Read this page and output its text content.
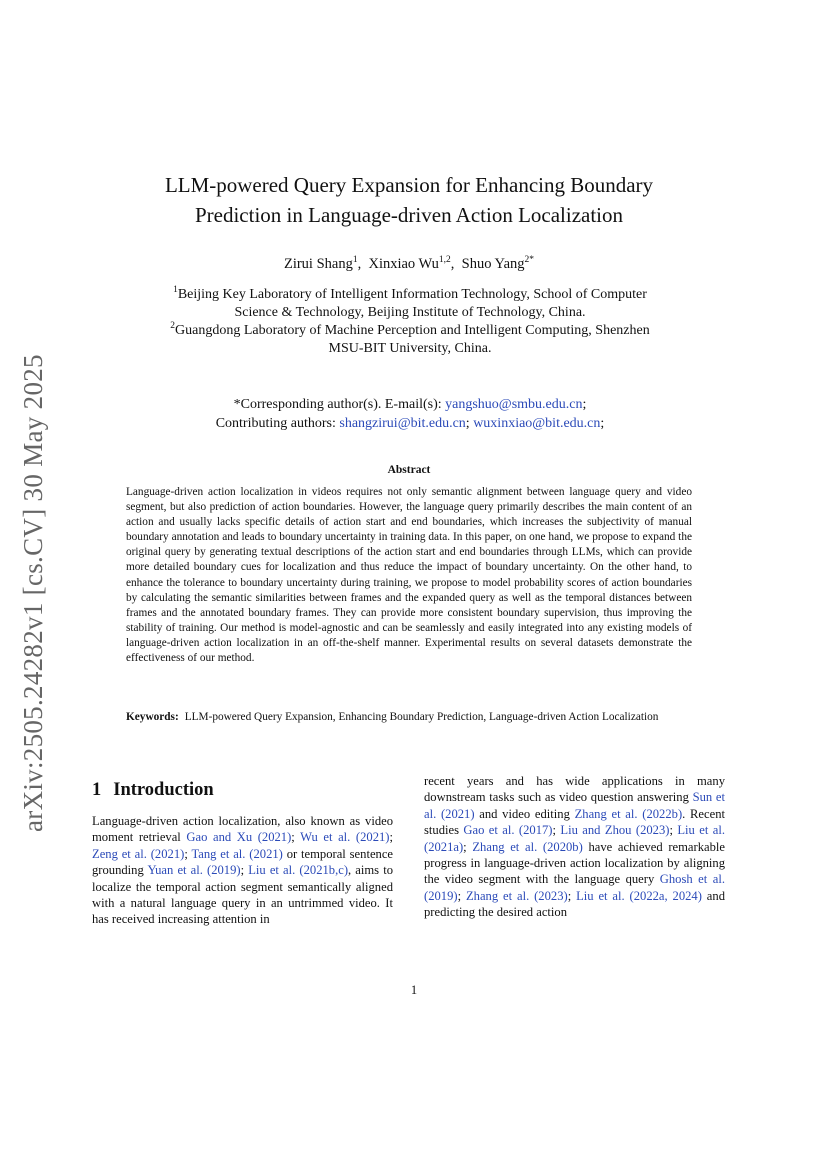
arXiv:2505.24282v1 [cs.CV] 30 May 2025
LLM-powered Query Expansion for Enhancing Boundary
Prediction in Language-driven Action Localization
Zirui Shang$^1$,  Xinxiao Wu$^{1,2}$,  Shuo Yang$^{2*}$
$^1$Beijing Key Laboratory of Intelligent Information Technology, School of Computer
Science & Technology, Beijing Institute of Technology, China.
$^2$Guangdong Laboratory of Machine Perception and Intelligent Computing, Shenzhen
MSU-BIT University, China.
*Corresponding author(s). E-mail(s): yangshuo@smbu.edu.cn;
Contributing authors: shangzirui@bit.edu.cn; wuxinxiao@bit.edu.cn;
Abstract
Language-driven action localization in videos requires not only semantic alignment between language query and video segment, but also prediction of action boundaries. However, the language query primarily describes the main content of an action and usually lacks specific details of action start and end boundaries, which increases the subjectivity of manual boundary annotation and leads to boundary uncertainty in training data. In this paper, on one hand, we propose to expand the original query by generating textual descriptions of the action start and end boundaries through LLMs, which can provide more detailed boundary cues for localization and thus reduce the impact of boundary uncertainty. On the other hand, to enhance the tolerance to boundary uncertainty during training, we propose to model probability scores of action boundaries by calculating the semantic similarities between frames and the expanded query as well as the temporal distances between frames and the annotated boundary frames. They can provide more consistent boundary supervision, thus improving the stability of training. Our method is model-agnostic and can be seamlessly and easily integrated into any existing models of language-driven action localization in an off-the-shelf manner. Experimental results on several datasets demonstrate the effectiveness of our method.
Keywords: LLM-powered Query Expansion, Enhancing Boundary Prediction, Language-driven Action Localization
1 Introduction
Language-driven action localization, also known as video moment retrieval Gao and Xu (2021); Wu et al. (2021); Zeng et al. (2021); Tang et al. (2021) or temporal sentence grounding Yuan et al. (2019); Liu et al. (2021b,c), aims to localize the temporal action segment semantically aligned with a natural language query in an untrimmed video. It has received increasing attention in
recent years and has wide applications in many downstream tasks such as video question answering Sun et al. (2021) and video editing Zhang et al. (2022b). Recent studies Gao et al. (2017); Liu and Zhou (2023); Liu et al. (2021a); Zhang et al. (2020b) have achieved remarkable progress in language-driven action localization by aligning the video segment with the language query Ghosh et al. (2019); Zhang et al. (2023); Liu et al. (2022a, 2024) and predicting the desired action
1
